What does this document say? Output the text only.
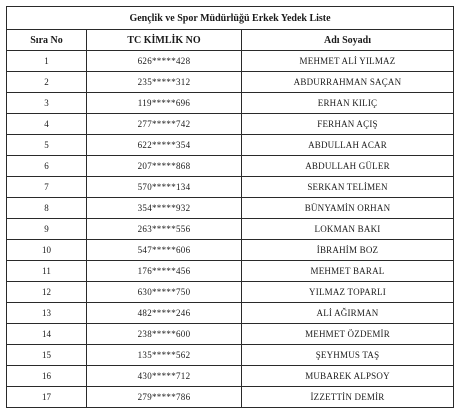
Gençlik ve Spor Müdürlüğü Erkek Yedek Liste		
Sıra No	TC KİMLİK NO	Adı Soyadı
1	626*****428	MEHMET ALİ YILMAZ
2	235*****312	ABDURRAHMAN SAÇAN
3	119*****696	ERHAN KILIÇ
4	277*****742	FERHAN AÇIŞ
5	622*****354	ABDULLAH ACAR
6	207*****868	ABDULLAH GÜLER
7	570*****134	SERKAN TELİMEN
8	354*****932	BÜNYAMİN ORHAN
9	263*****556	LOKMAN BAKI
10	547*****606	İBRAHİM BOZ
11	176*****456	MEHMET BARAL
12	630*****750	YILMAZ TOPARLI
13	482*****246	ALİ AĞIRMAN
14	238*****600	MEHMET ÖZDEMİR
15	135*****562	ŞEYHMUS TAŞ
16	430*****712	MUBAREK ALPSOY
17	279*****786	İZZETTİN DEMİR
